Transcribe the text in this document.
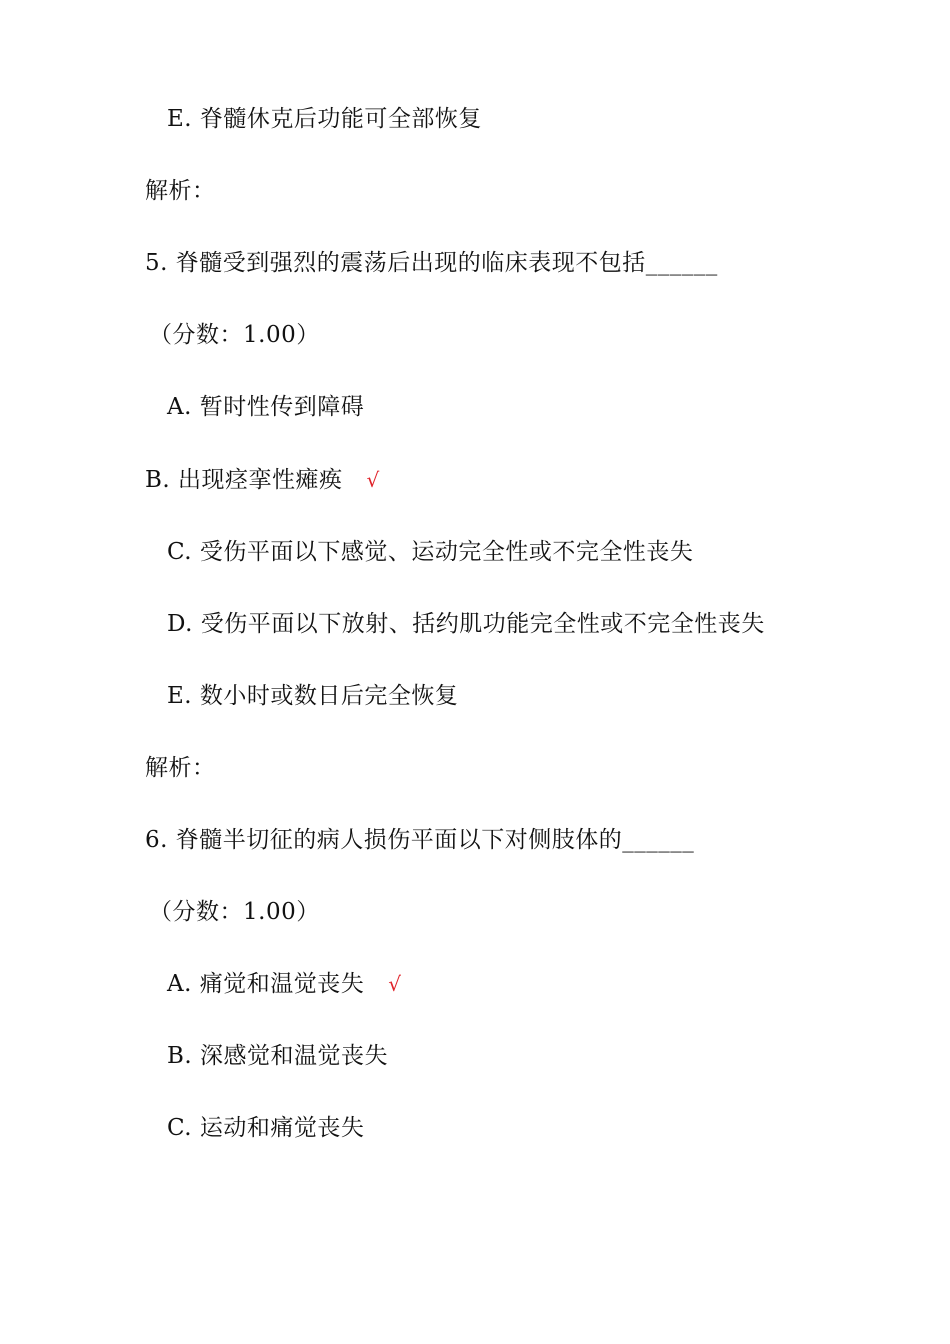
E. 脊髓休克后功能可全部恢复
解析：
5. 脊髓受到强烈的震荡后出现的临床表现不包括______
（分数：1.00）
A. 暂时性传到障碍
B. 出现痉挛性瘫痪 √
C. 受伤平面以下感觉、运动完全性或不完全性丧失
D. 受伤平面以下放射、括约肌功能完全性或不完全性丧失
E. 数小时或数日后完全恢复
解析：
6. 脊髓半切征的病人损伤平面以下对侧肢体的______
（分数：1.00）
A. 痛觉和温觉丧失 √
B. 深感觉和温觉丧失
C. 运动和痛觉丧失
